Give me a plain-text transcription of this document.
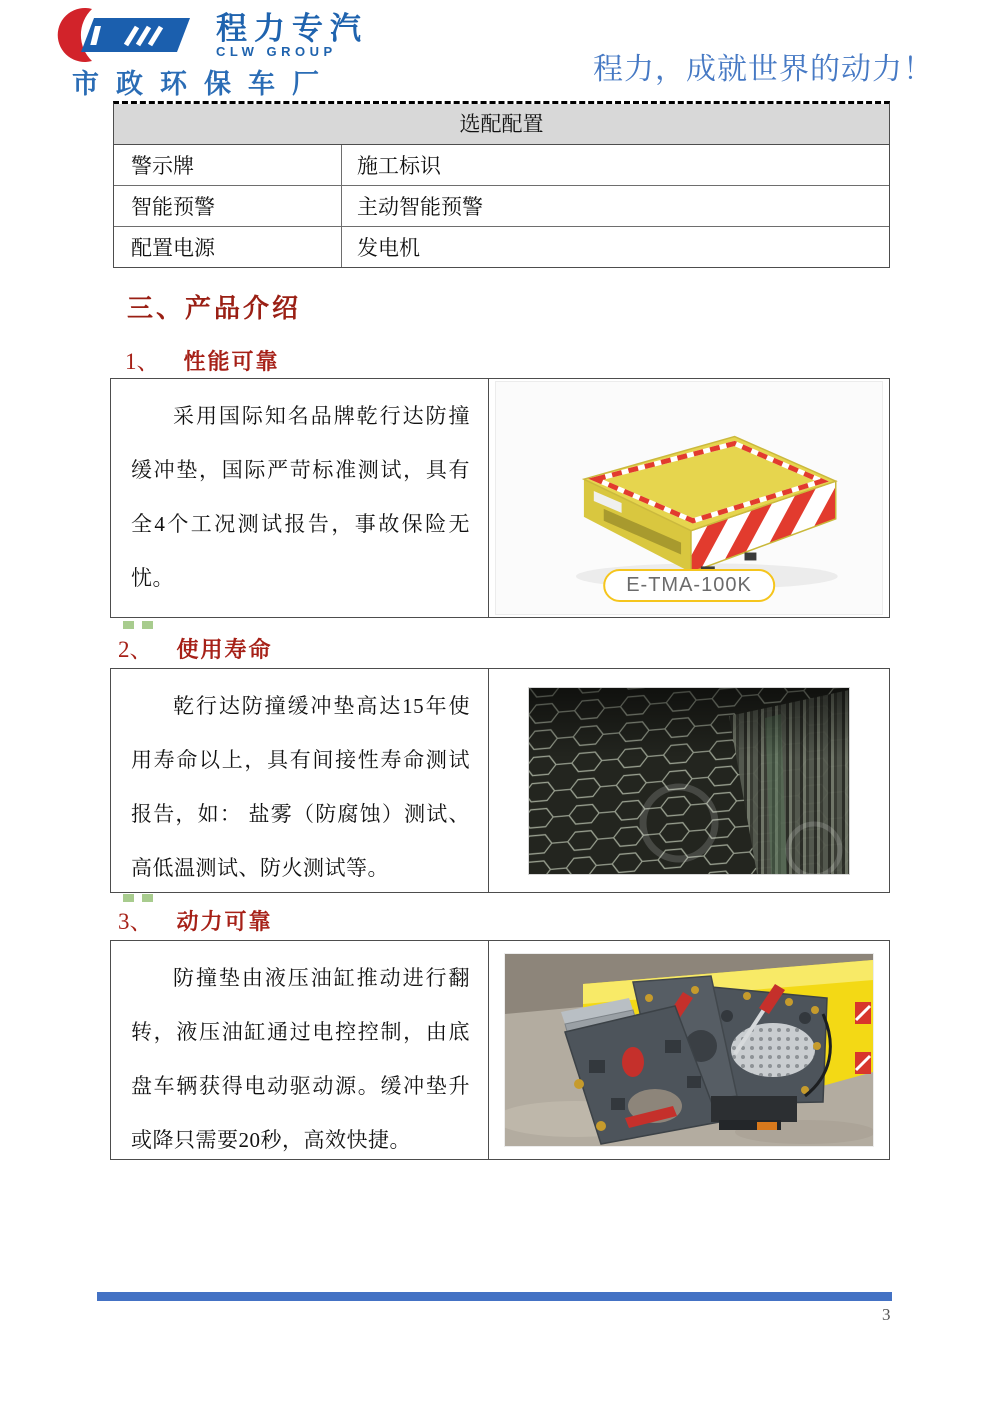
程力专汽
CLW GROUP
市政环保车厂	程力，成就世界的动力！
选配配置
警示牌	施工标识
智能预警	主动智能预警
配置电源	发电机
三、产品介绍
1、 性能可靠

采用国际知名品牌乾行达防撞缓冲垫，国际严苛标准测试，具有全4个工况测试报告，事故保险无忧。	E-TMA-100K
2、 使用寿命

乾行达防撞缓冲垫高达15年使用寿命以上，具有间接性寿命测试报告，如： 盐雾（防腐蚀）测试、高低温测试、防火测试等。

3、 动力可靠

防撞垫由液压油缸推动进行翻转，液压油缸通过电控控制，由底盘车辆获得电动驱动源。缓冲垫升或降只需要20秒，高效快捷。

3
